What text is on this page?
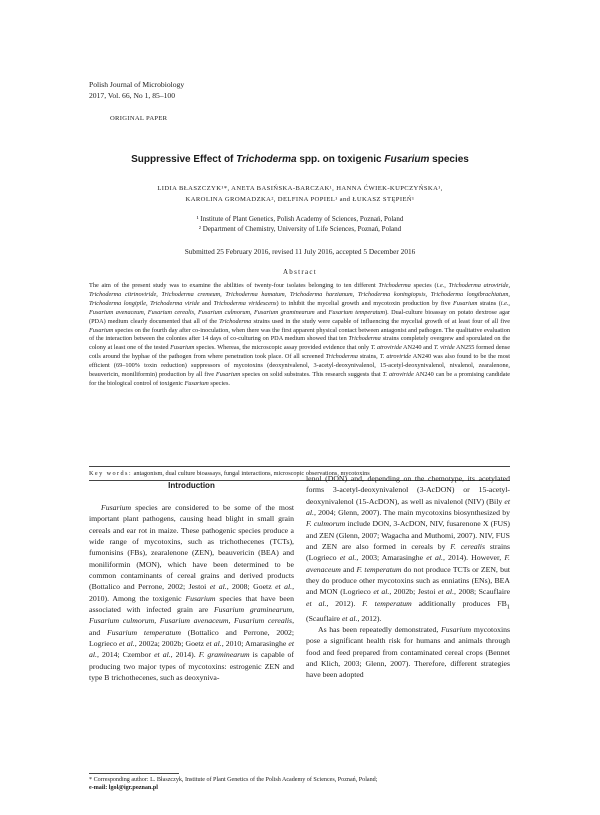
Polish Journal of Microbiology
2017, Vol. 66, No 1, 85–100
ORIGINAL PAPER
Suppressive Effect of Trichoderma spp. on toxigenic Fusarium species
LIDIA BŁASZCZYK¹*, ANETA BASIŃSKA-BARCZAK¹, HANNA ĆWIEK-KUPCZYŃSKA¹,
KAROLINA GROMADZKA², DELFINA POPIEL¹ and ŁUKASZ STĘPIEŃ¹
¹ Institute of Plant Genetics, Polish Academy of Sciences, Poznań, Poland
² Department of Chemistry, University of Life Sciences, Poznań, Poland
Submitted 25 February 2016, revised 11 July 2016, accepted 5 December 2016
Abstract
The aim of the present study was to examine the abilities of twenty-four isolates belonging to ten different Trichoderma species (i.e., Trichoderma atroviride, Trichoderma citrinoviride, Trichoderma cremeum, Trichoderma hamatum, Trichoderma harzianum, Trichoderma koningiopsis, Trichoderma longibrachiatum, Trichoderma longipile, Trichoderma viride and Trichoderma viridescens) to inhibit the mycelial growth and mycotoxin production by five Fusarium strains (i.e., Fusarium avenaceum, Fusarium cerealis, Fusarium culmorum, Fusarium graminearum and Fusarium temperatum). Dual-culture bioassay on potato dextrose agar (PDA) medium clearly documented that all of the Trichoderma strains used in the study were capable of influencing the mycelial growth of at least four of all five Fusarium species on the fourth day after co-inoculation, when there was the first apparent physical contact between antagonist and pathogen. The qualitative evaluation of the interaction between the colonies after 14 days of co-culturing on PDA medium showed that ten Trichoderma strains completely overgrew and sporulated on the colony at least one of the tested Fusarium species. Whereas, the microscopic assay provided evidence that only T. atroviride AN240 and T. viride AN255 formed dense coils around the hyphae of the pathogen from where penetration took place. Of all screened Trichoderma strains, T. atroviride AN240 was also found to be the most efficient (69–100% toxin reduction) suppressors of mycotoxins (deoxynivalenol, 3-acetyl-deoxynivalenol, 15-acetyl-deoxynivalenol, nivalenol, zearalenone, beauvericin, moniliformin) production by all five Fusarium species on solid substrates. This research suggests that T. atroviride AN240 can be a promising candidate for the biological control of toxigenic Fusarium species.
Key words: antagonism, dual culture bioassays, fungal interactions, microscopic observations, mycotoxins
Introduction

Fusarium species are considered to be some of the most important plant pathogens, causing head blight in small grain cereals and ear rot in maize. These pathogenic species produce a wide range of mycotoxins, such as trichothecenes (TCTs), fumonisins (FBs), zearalenone (ZEN), beauvericin (BEA) and moniliformin (MON), which have been determined to be common contaminants of cereal grains and derived products (Bottalico and Perrone, 2002; Jestoi et al., 2008; Goetz et al., 2010). Among the toxigenic Fusarium species that have been associated with infected grain are Fusarium graminearum, Fusarium culmorum, Fusarium avenaceum, Fusarium cerealis, and Fusarium temperatum (Bottalico and Perrone, 2002; Logrieco et al., 2002a; 2002b; Goetz et al., 2010; Amarasinghe et al., 2014; Czembor et al., 2014). F. graminearum is capable of producing two major types of mycotoxins: estrogenic ZEN and type B trichothecenes, such as deoxyniva-

lenol (DON) and, depending on the chemotype, its acetylated forms 3-acetyl-deoxynivalenol (3-AcDON) or 15-acetyl-deoxynivalenol (15-AcDON), as well as nivalenol (NIV) (Bily et al., 2004; Glenn, 2007). The main mycotoxins biosynthesized by F. culmorum include DON, 3-AcDON, NIV, fusarenone X (FUS) and ZEN (Glenn, 2007; Wagacha and Muthomi, 2007). NIV, FUS and ZEN are also formed in cereals by F. cerealis strains (Logrieco et al., 2003; Amarasinghe et al., 2014). However, F. avenaceum and F. temperatum do not produce TCTs or ZEN, but they do produce other mycotoxins such as enniatins (ENs), BEA and MON (Logrieco et al., 2002b; Jestoi et al., 2008; Scauflaire et al., 2012). F. temperatum additionally produces $FB_1$ (Scauflaire et al., 2012).

As has been repeatedly demonstrated, Fusarium mycotoxins pose a significant health risk for humans and animals through food and feed prepared from contaminated cereal crops (Bennet and Klich, 2003; Glenn, 2007). Therefore, different strategies have been adopted

* Corresponding author: L. Błaszczyk, Institute of Plant Genetics of the Polish Academy of Sciences, Poznań, Poland;
e-mail: lgol@igr.poznan.pl
